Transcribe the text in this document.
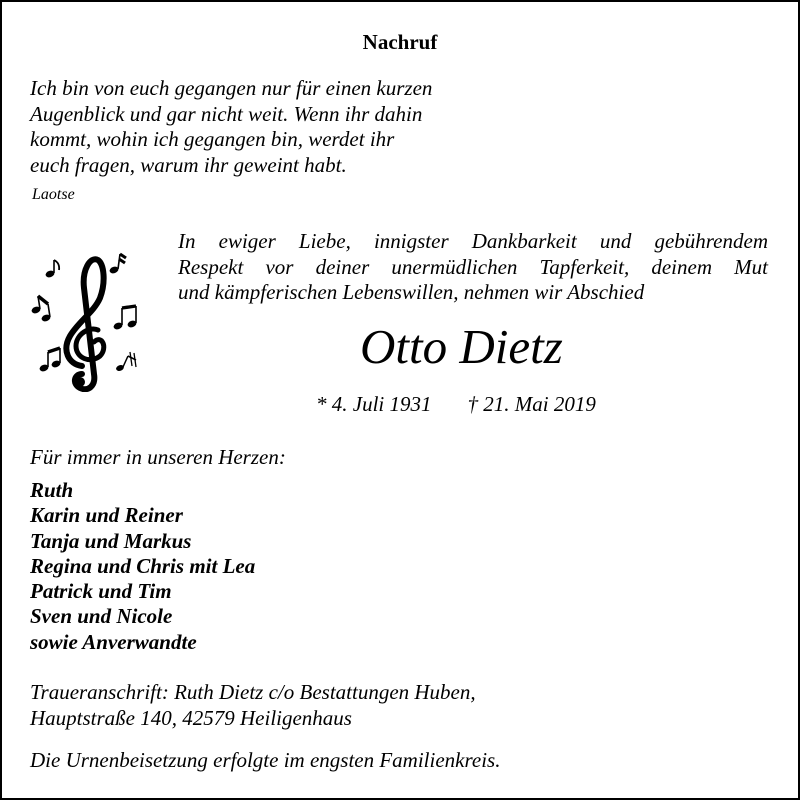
Nachruf

Ich bin von euch gegangen nur für einen kurzen
Augenblick und gar nicht weit. Wenn ihr dahin
kommt, wohin ich gegangen bin, werdet ihr
euch fragen, warum ihr geweint habt.

Laotse

In ewiger Liebe, innigster Dankbarkeit und gebührendem
Respekt vor deiner unermüdlichen Tapferkeit, deinem Mut
und kämpferischen Lebenswillen, nehmen wir Abschied

Otto Dietz

* 4. Juli 1931 † 21. Mai 2019

Für immer in unseren Herzen:

Ruth
Karin und Reiner
Tanja und Markus
Regina und Chris mit Lea
Patrick und Tim
Sven und Nicole
sowie Anverwandte
Traueranschrift: Ruth Dietz c/o Bestattungen Huben,
Hauptstraße 140, 42579 Heiligenhaus

Die Urnenbeisetzung erfolgte im engsten Familienkreis.
